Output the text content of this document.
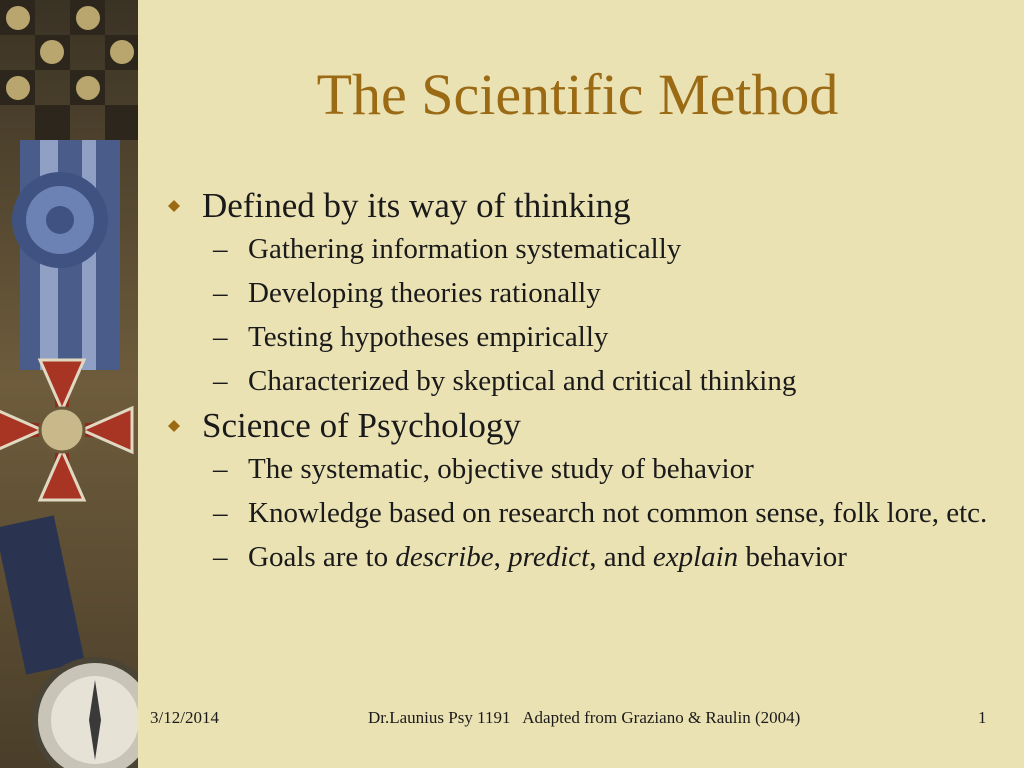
The Scientific Method
Defined by its way of thinking
– Gathering information systematically
– Developing theories rationally
– Testing hypotheses empirically
– Characterized by skeptical and critical thinking
Science of Psychology
– The systematic, objective study of behavior
– Knowledge based on research not common sense, folk lore, etc.
– Goals are to describe, predict, and explain behavior
3/12/2014	Dr.Launius Psy 1191   Adapted from Graziano & Raulin (2004)	1
